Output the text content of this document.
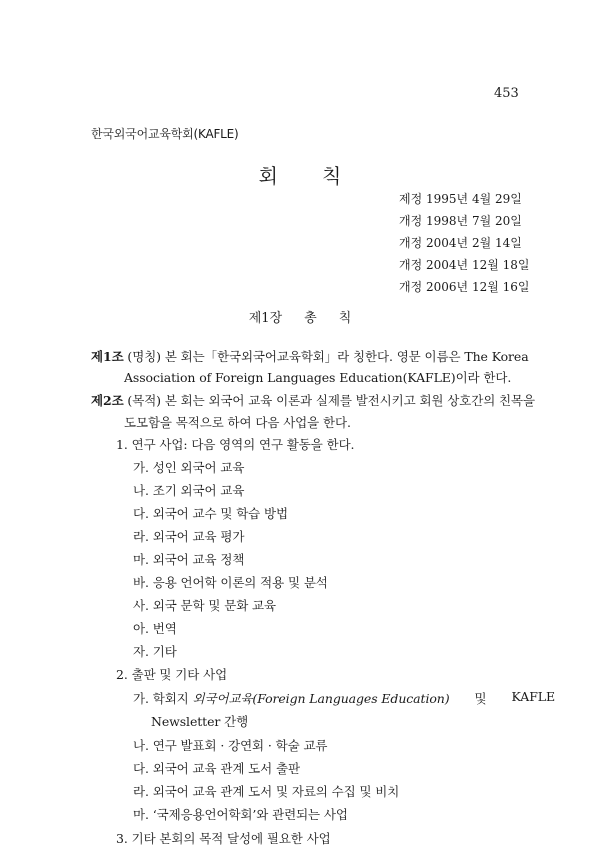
453
한국외국어교육학회(KAFLE)
회 칙
제정 1995년 4월 29일
개정 1998년 7월 20일
개정 2004년 2월 14일
개정 2004년 12월 18일
개정 2006년 12월 16일
제1장 총 칙
제1조 (명칭) 본 회는「한국외국어교육학회」라 칭한다. 영문 이름은 The Korea
Association of Foreign Languages Education(KAFLE)이라 한다.
제2조 (목적) 본 회는 외국어 교육 이론과 실제를 발전시키고 회원 상호간의 친목을
도모함을 목적으로 하여 다음 사업을 한다.
1. 연구 사업: 다음 영역의 연구 활동을 한다.
가. 성인 외국어 교육
나. 조기 외국어 교육
다. 외국어 교수 및 학습 방법
라. 외국어 교육 평가
마. 외국어 교육 정책
바. 응용 언어학 이론의 적용 및 분석
사. 외국 문학 및 문화 교육
아. 번역
자. 기타
2. 출판 및 기타 사업
가. 학회지 외국어교육(Foreign Languages Education) 및 KAFLE
Newsletter 간행
나. 연구 발표회 · 강연회 · 학술 교류
다. 외국어 교육 관계 도서 출판
라. 외국어 교육 관계 도서 및 자료의 수집 및 비치
마. ‘국제응용언어학회’와 관련되는 사업
3. 기타 본회의 목적 달성에 필요한 사업
